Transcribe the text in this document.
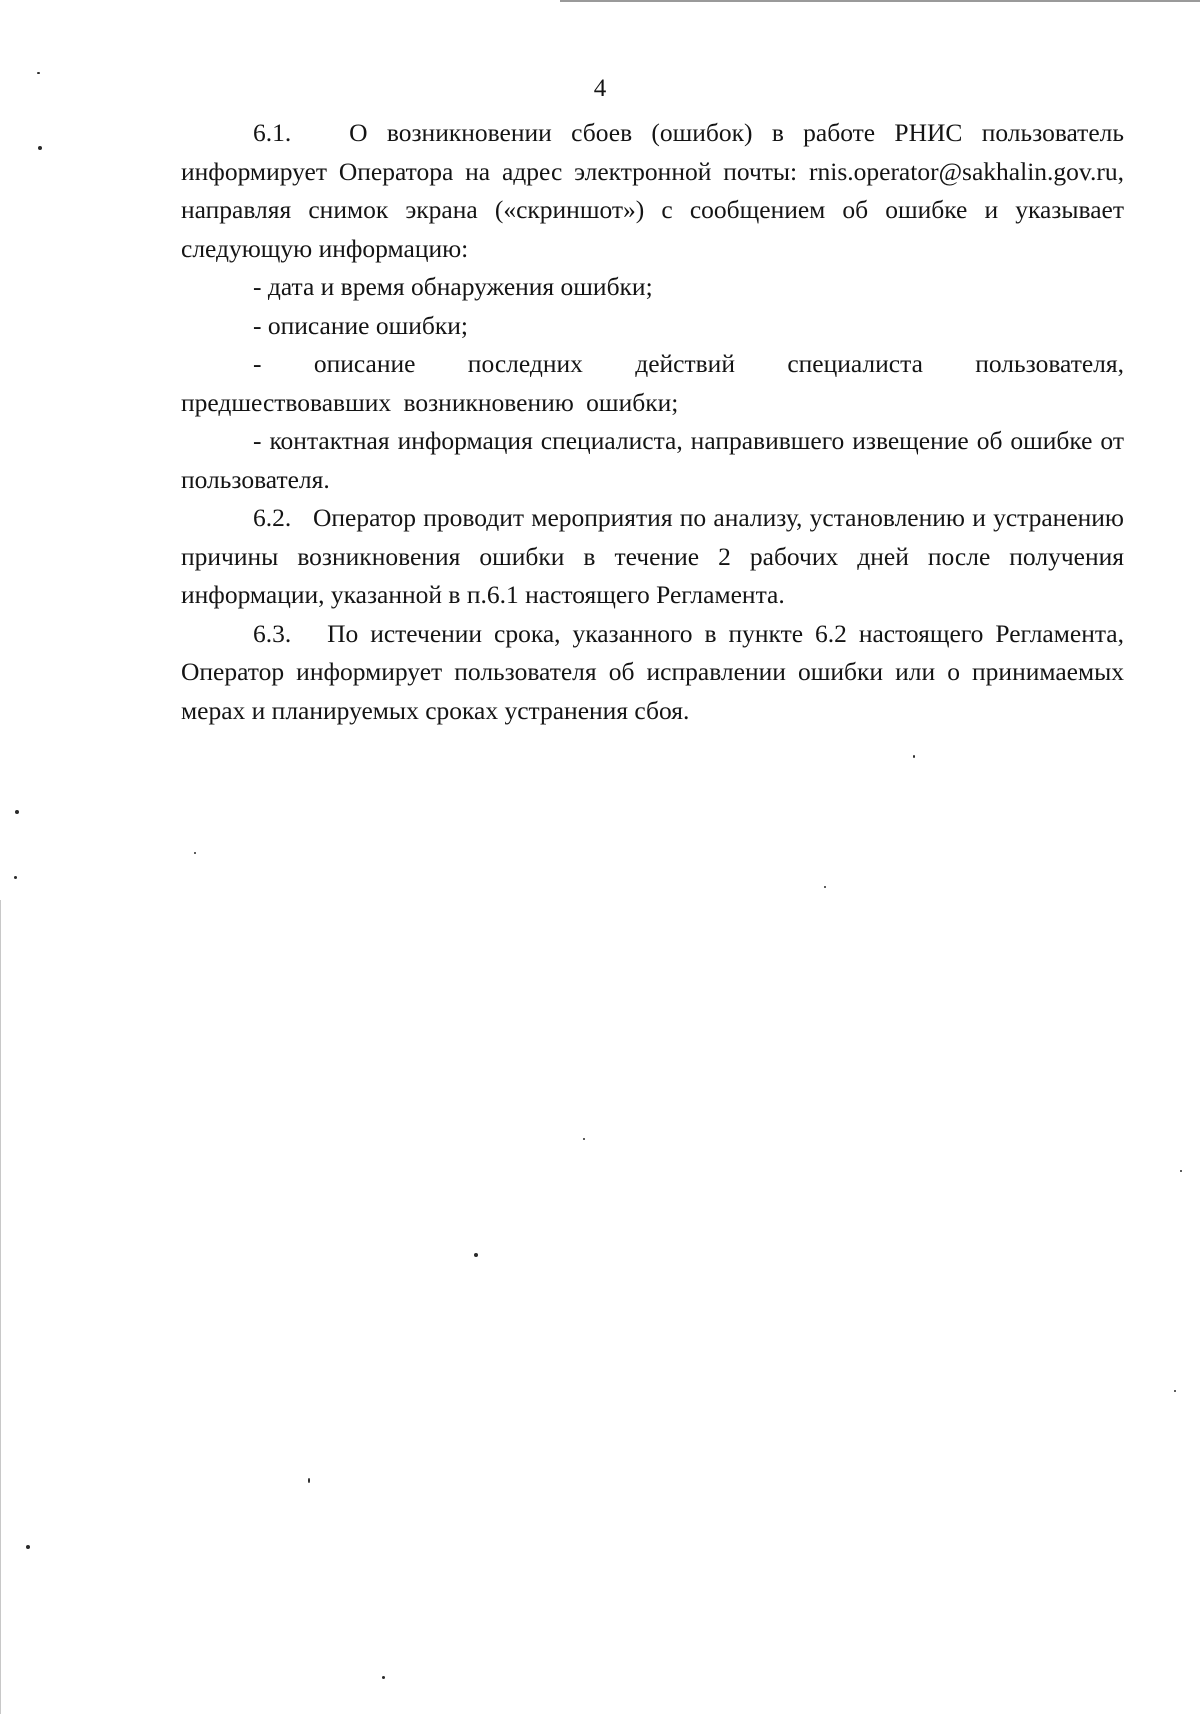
4

6.1.   О возникновении сбоев (ошибок) в работе РНИС пользователь информирует Оператора на адрес электронной почты: rnis.operator@sakhalin.gov.ru, направляя снимок экрана («скриншот») с сообщением об ошибке и указывает следующую информацию:

- дата и время обнаружения ошибки;

- описание ошибки;

- описание последних действий специалиста пользователя, предшествовавших возникновению ошибки;

- контактная информация специалиста, направившего извещение об ошибке от пользователя.

6.2.   Оператор проводит мероприятия по анализу, установлению и устранению причины возникновения ошибки в течение 2 рабочих дней после получения информации, указанной в п.6.1 настоящего Регламента.

6.3.   По истечении срока, указанного в пункте 6.2 настоящего Регламента, Оператор информирует пользователя об исправлении ошибки или о принимаемых мерах и планируемых сроках устранения сбоя.
